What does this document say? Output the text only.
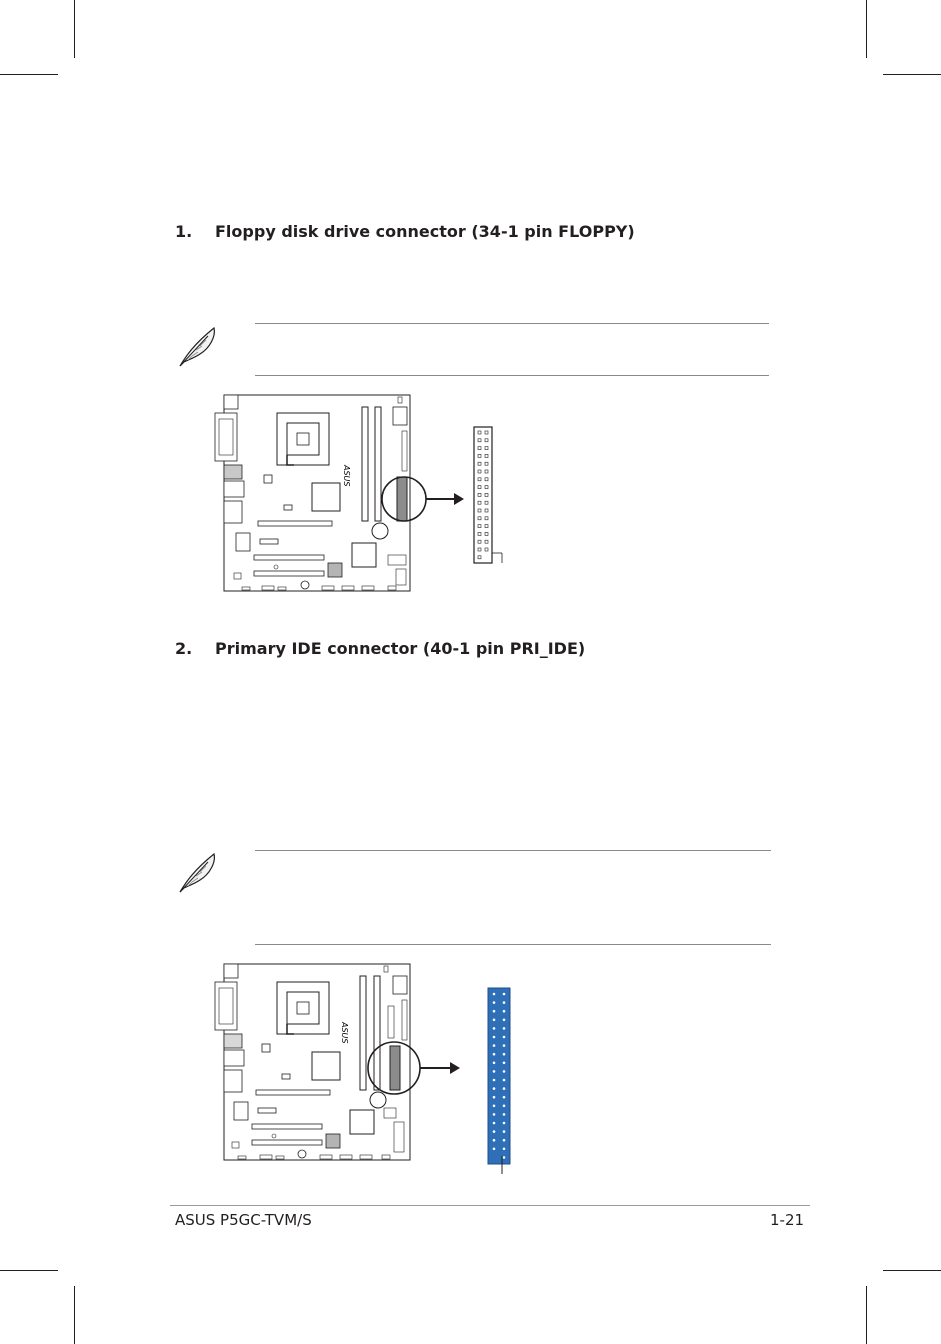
1. Floppy disk drive connector (34-1 pin FLOPPY)
ASUS
2. Primary IDE connector (40-1 pin PRI_IDE)
ASUS
ASUS P5GC-TVM/S	1-21
